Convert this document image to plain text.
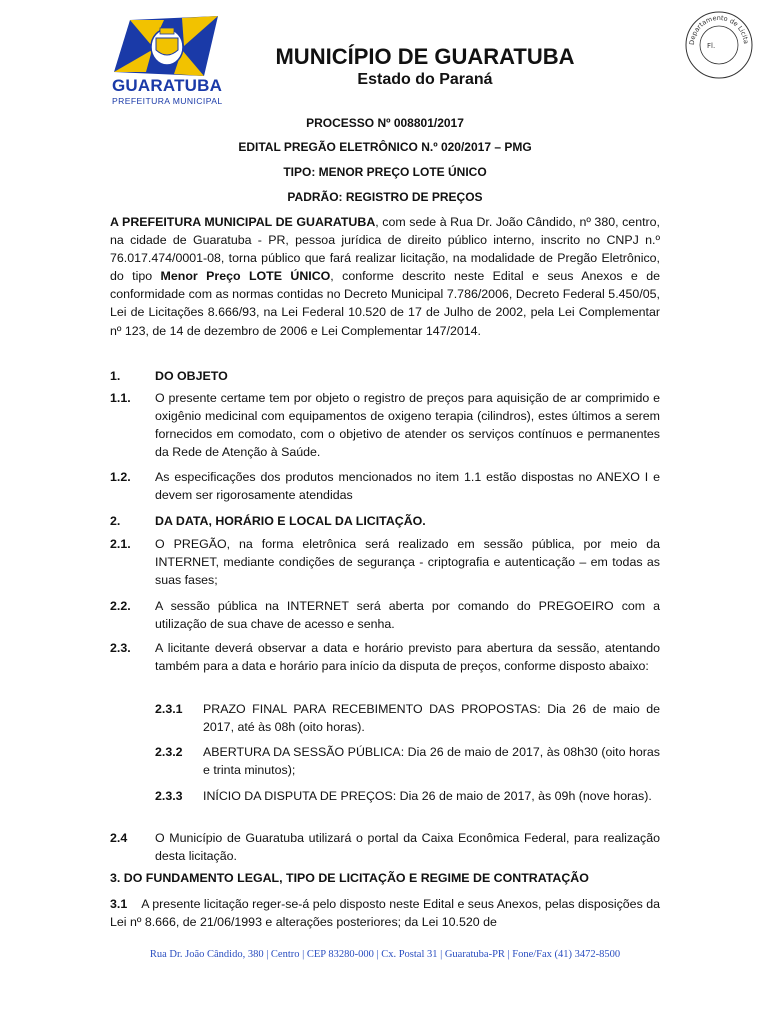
GUARATUBA
PREFEITURA MUNICIPAL
MUNICÍPIO DE GUARATUBA
Estado do Paraná
Departamento de Licita
Fl.
PROCESSO Nº 008801/2017
EDITAL PREGÃO ELETRÔNICO N.º 020/2017 – PMG
TIPO: MENOR PREÇO LOTE ÚNICO
PADRÃO: REGISTRO DE PREÇOS
A PREFEITURA MUNICIPAL DE GUARATUBA, com sede à Rua Dr. João Cândido, nº 380, centro, na cidade de Guaratuba - PR, pessoa jurídica de direito público interno, inscrito no CNPJ n.º 76.017.474/0001-08, torna público que fará realizar licitação, na modalidade de Pregão Eletrônico, do tipo Menor Preço LOTE ÚNICO, conforme descrito neste Edital e seus Anexos e de conformidade com as normas contidas no Decreto Municipal 7.786/2006, Decreto Federal 5.450/05, Lei de Licitações 8.666/93, na Lei Federal 10.520 de 17 de Julho de 2002, pela Lei Complementar nº 123, de 14 de dezembro de 2006 e Lei Complementar 147/2014.
1.	DO OBJETO
1.1. O presente certame tem por objeto o registro de preços para aquisição de ar comprimido e oxigênio medicinal com equipamentos de oxigeno terapia (cilindros), estes últimos a serem fornecidos em comodato, com o objetivo de atender os serviços contínuos e permanentes da Rede de Atenção à Saúde.
1.2. As especificações dos produtos mencionados no item 1.1 estão dispostas no ANEXO I e devem ser rigorosamente atendidas
2.	DA DATA, HORÁRIO E LOCAL DA LICITAÇÃO.
2.1. O PREGÃO, na forma eletrônica será realizado em sessão pública, por meio da INTERNET, mediante condições de segurança - criptografia e autenticação – em todas as suas fases;
2.2. A sessão pública na INTERNET será aberta por comando do PREGOEIRO com a utilização de sua chave de acesso e senha.
2.3. A licitante deverá observar a data e horário previsto para abertura da sessão, atentando também para a data e horário para início da disputa de preços, conforme disposto abaixo:
2.3.1 PRAZO FINAL PARA RECEBIMENTO DAS PROPOSTAS: Dia 26 de maio de 2017, até às 08h (oito horas).
2.3.2 ABERTURA DA SESSÃO PÚBLICA: Dia 26 de maio de 2017, às 08h30 (oito horas e trinta minutos);
2.3.3 INÍCIO DA DISPUTA DE PREÇOS: Dia 26 de maio de 2017, às 09h (nove horas).
2.4 O Município de Guaratuba utilizará o portal da Caixa Econômica Federal, para realização desta licitação.
3. DO FUNDAMENTO LEGAL, TIPO DE LICITAÇÃO E REGIME DE CONTRATAÇÃO
3.1 A presente licitação reger-se-á pelo disposto neste Edital e seus Anexos, pelas disposições da Lei nº 8.666, de 21/06/1993 e alterações posteriores; da Lei 10.520 de
Rua Dr. João Cândido, 380 | Centro | CEP 83280-000 | Cx. Postal 31 | Guaratuba-PR | Fone/Fax (41) 3472-8500
